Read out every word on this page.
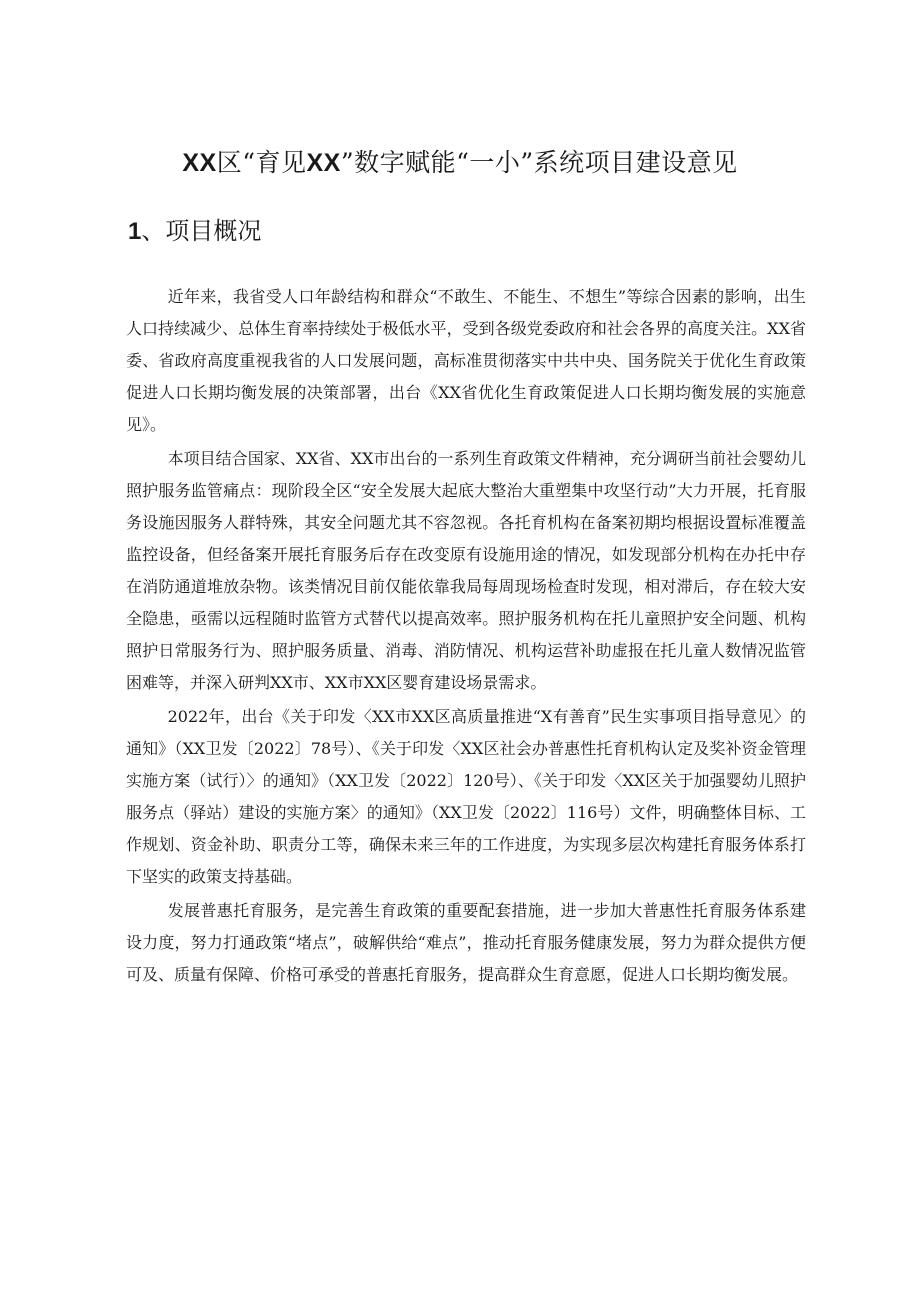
XX区“育见XX”数字赋能“一小”系统项目建设意见
1、项目概况

近年来，我省受人口年龄结构和群众“不敢生、不能生、不想生”等综合因素的影响，出生人口持续减少、总体生育率持续处于极低水平，受到各级党委政府和社会各界的高度关注。XX省委、省政府高度重视我省的人口发展问题，高标准贯彻落实中共中央、国务院关于优化生育政策促进人口长期均衡发展的决策部署，出台《XX省优化生育政策促进人口长期均衡发展的实施意见》。

本项目结合国家、XX省、XX市出台的一系列生育政策文件精神，充分调研当前社会婴幼儿照护服务监管痛点：现阶段全区“安全发展大起底大整治大重塑集中攻坚行动”大力开展，托育服务设施因服务人群特殊，其安全问题尤其不容忽视。各托育机构在备案初期均根据设置标准覆盖监控设备，但经备案开展托育服务后存在改变原有设施用途的情况，如发现部分机构在办托中存在消防通道堆放杂物。该类情况目前仅能依靠我局每周现场检查时发现，相对滞后，存在较大安全隐患，亟需以远程随时监管方式替代以提高效率。照护服务机构在托儿童照护安全问题、机构照护日常服务行为、照护服务质量、消毒、消防情况、机构运营补助虚报在托儿童人数情况监管困难等，并深入研判XX市、XX市XX区婴育建设场景需求。

2022年，出台《关于印发〈XX市XX区高质量推进“X有善育”民生实事项目指导意见〉的通知》（XX卫发〔2022〕78号）、《关于印发〈XX区社会办普惠性托育机构认定及奖补资金管理实施方案（试行）〉的通知》（XX卫发〔2022〕120号）、《关于印发〈XX区关于加强婴幼儿照护服务点（驿站）建设的实施方案〉的通知》（XX卫发〔2022〕116号）文件，明确整体目标、工作规划、资金补助、职责分工等，确保未来三年的工作进度，为实现多层次构建托育服务体系打下坚实的政策支持基础。

发展普惠托育服务，是完善生育政策的重要配套措施，进一步加大普惠性托育服务体系建设力度，努力打通政策“堵点”，破解供给“难点”，推动托育服务健康发展，努力为群众提供方便可及、质量有保障、价格可承受的普惠托育服务，提高群众生育意愿，促进人口长期均衡发展。
